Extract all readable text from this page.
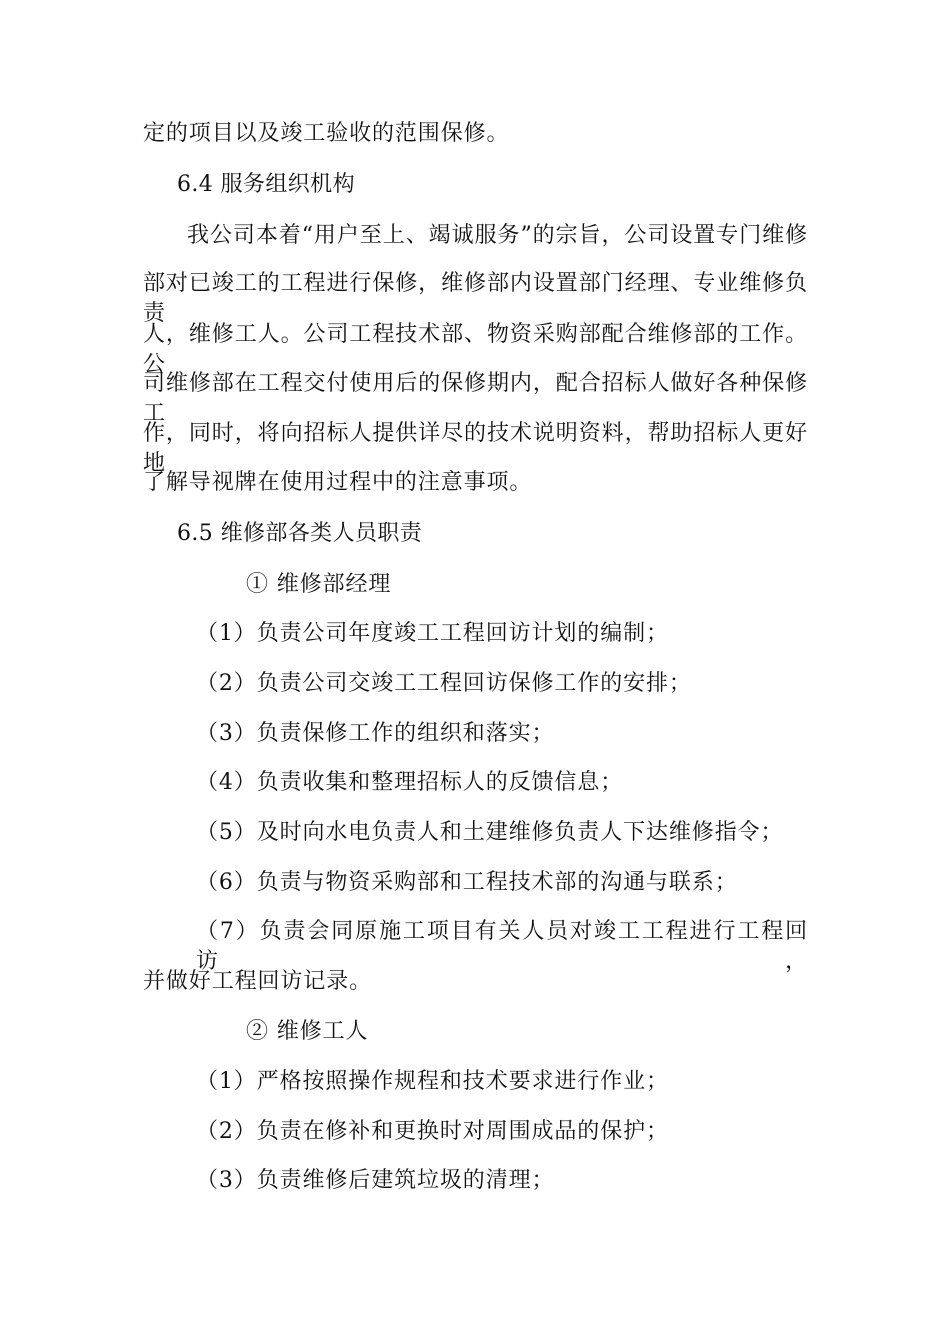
定的项目以及竣工验收的范围保修。
6.4 服务组织机构
我公司本着“用户至上、竭诚服务”的宗旨，公司设置专门维修
部对已竣工的工程进行保修，维修部内设置部门经理、专业维修负责
人，维修工人。公司工程技术部、物资采购部配合维修部的工作。公
司维修部在工程交付使用后的保修期内，配合招标人做好各种保修工
作，同时，将向招标人提供详尽的技术说明资料，帮助招标人更好地
了解导视牌在使用过程中的注意事项。
6.5 维修部各类人员职责
① 维修部经理
（1）负责公司年度竣工工程回访计划的编制；
（2）负责公司交竣工工程回访保修工作的安排；
（3）负责保修工作的组织和落实；
（4）负责收集和整理招标人的反馈信息；
（5）及时向水电负责人和土建维修负责人下达维修指令；
（6）负责与物资采购部和工程技术部的沟通与联系；
（7）负责会同原施工项目有关人员对竣工工程进行工程回访，
并做好工程回访记录。
② 维修工人
（1）严格按照操作规程和技术要求进行作业；
（2）负责在修补和更换时对周围成品的保护；
（3）负责维修后建筑垃圾的清理；
